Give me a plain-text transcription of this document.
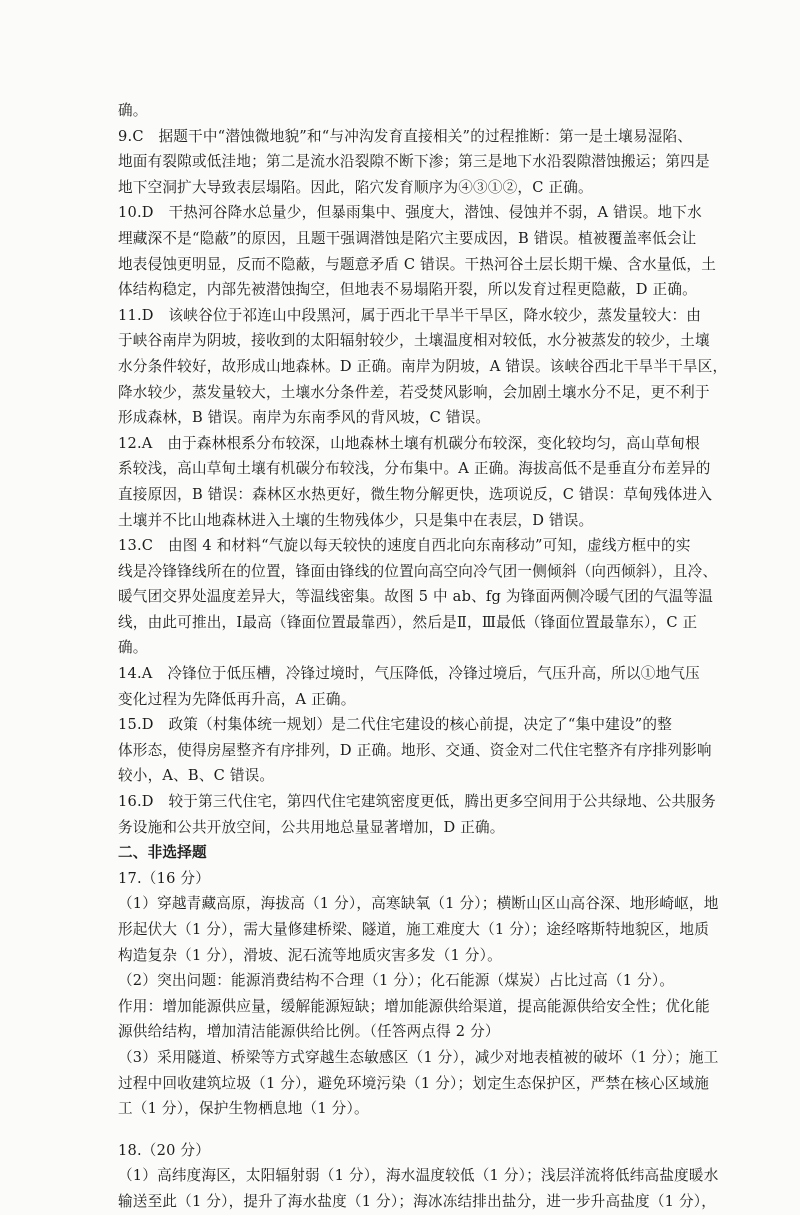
确。
9.C　据题干中“潜蚀微地貌”和“与冲沟发育直接相关”的过程推断：第一是土壤易湿陷、
地面有裂隙或低洼地；第二是流水沿裂隙不断下渗；第三是地下水沿裂隙潜蚀搬运；第四是
地下空洞扩大导致表层塌陷。因此，陷穴发育顺序为④③①②，C 正确。
10.D　干热河谷降水总量少，但暴雨集中、强度大，潜蚀、侵蚀并不弱，A 错误。地下水
埋藏深不是“隐蔽”的原因，且题干强调潜蚀是陷穴主要成因，B 错误。植被覆盖率低会让
地表侵蚀更明显，反而不隐蔽，与题意矛盾 C 错误。干热河谷土层长期干燥、含水量低，土
体结构稳定，内部先被潜蚀掏空，但地表不易塌陷开裂，所以发育过程更隐蔽，D 正确。
11.D　该峡谷位于祁连山中段黑河，属于西北干旱半干旱区，降水较少，蒸发量较大：由
于峡谷南岸为阴坡，接收到的太阳辐射较少，土壤温度相对较低，水分被蒸发的较少，土壤
水分条件较好，故形成山地森林。D 正确。南岸为阴坡，A 错误。该峡谷西北干旱半干旱区，
降水较少，蒸发量较大，土壤水分条件差，若受焚风影响，会加剧土壤水分不足，更不利于
形成森林，B 错误。南岸为东南季风的背风坡，C 错误。
12.A　由于森林根系分布较深，山地森林土壤有机碳分布较深，变化较均匀，高山草甸根
系较浅，高山草甸土壤有机碳分布较浅，分布集中。A 正确。海拔高低不是垂直分布差异的
直接原因，B 错误：森林区水热更好，微生物分解更快，选项说反，C 错误：草甸残体进入
土壤并不比山地森林进入土壤的生物残体少，只是集中在表层，D 错误。
13.C　由图 4 和材料“气旋以每天较快的速度自西北向东南移动”可知，虚线方框中的实
线是冷锋锋线所在的位置，锋面由锋线的位置向高空向冷气团一侧倾斜（向西倾斜），且冷、
暖气团交界处温度差异大，等温线密集。故图 5 中 ab、fg 为锋面两侧冷暖气团的气温等温
线，由此可推出，Ⅰ最高（锋面位置最靠西），然后是Ⅱ，Ⅲ最低（锋面位置最靠东），C 正
确。
14.A　冷锋位于低压槽，冷锋过境时，气压降低，冷锋过境后，气压升高，所以①地气压
变化过程为先降低再升高，A 正确。
15.D　政策（村集体统一规划）是二代住宅建设的核心前提，决定了“集中建设”的整
体形态，使得房屋整齐有序排列，D 正确。地形、交通、资金对二代住宅整齐有序排列影响
较小，A、B、C 错误。
16.D　较于第三代住宅，第四代住宅建筑密度更低，腾出更多空间用于公共绿地、公共服务
务设施和公共开放空间，公共用地总量显著增加，D 正确。
二、非选择题
17.（16 分）
（1）穿越青藏高原，海拔高（1 分），高寒缺氧（1 分）；横断山区山高谷深、地形崎岖，地
形起伏大（1 分），需大量修建桥梁、隧道，施工难度大（1 分）；途经喀斯特地貌区，地质
构造复杂（1 分），滑坡、泥石流等地质灾害多发（1 分）。
（2）突出问题：能源消费结构不合理（1 分）；化石能源（煤炭）占比过高（1 分）。
作用：增加能源供应量，缓解能源短缺；增加能源供给渠道，提高能源供给安全性；优化能
源供给结构，增加清洁能源供给比例。（任答两点得 2 分）
（3）采用隧道、桥梁等方式穿越生态敏感区（1 分），减少对地表植被的破坏（1 分）；施工
过程中回收建筑垃圾（1 分），避免环境污染（1 分）；划定生态保护区，严禁在核心区域施
工（1 分），保护生物栖息地（1 分）。
18.（20 分）
（1）高纬度海区，太阳辐射弱（1 分），海水温度较低（1 分）；浅层洋流将低纬高盐度暖水
输送至此（1 分），提升了海水盐度（1 分）；海冰冻结排出盐分，进一步升高盐度（1 分），
